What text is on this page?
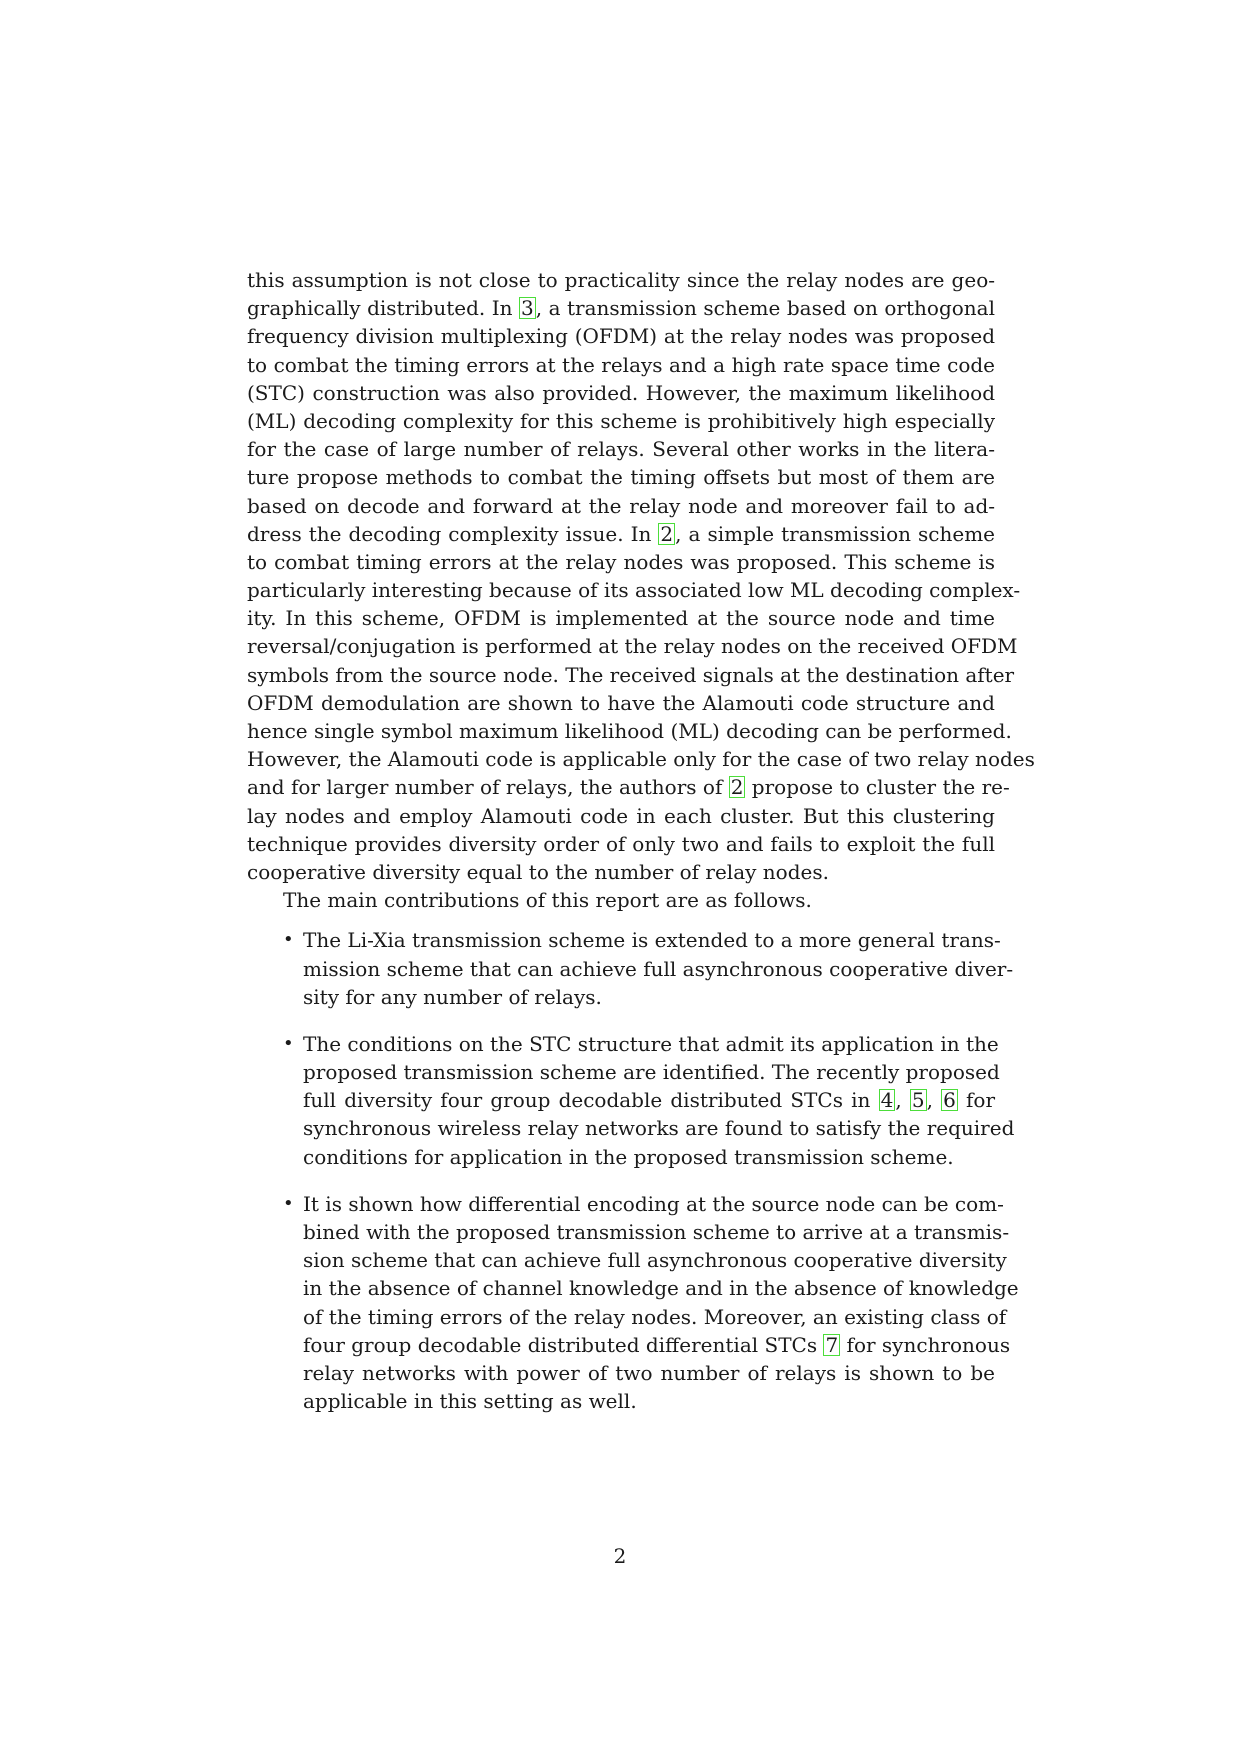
this assumption is not close to practicality since the relay nodes are geo-
graphically distributed. In 3 , a transmission scheme based on orthogonal
frequency division multiplexing (OFDM) at the relay nodes was proposed
to combat the timing errors at the relays and a high rate space time code
(STC) construction was also provided. However, the maximum likelihood
(ML) decoding complexity for this scheme is prohibitively high especially
for the case of large number of relays. Several other works in the litera-
ture propose methods to combat the timing offsets but most of them are
based on decode and forward at the relay node and moreover fail to ad-
dress the decoding complexity issue. In 2 , a simple transmission scheme
to combat timing errors at the relay nodes was proposed. This scheme is
particularly interesting because of its associated low ML decoding complex-
ity. In this scheme, OFDM is implemented at the source node and time
reversal/conjugation is performed at the relay nodes on the received OFDM
symbols from the source node. The received signals at the destination after
OFDM demodulation are shown to have the Alamouti code structure and
hence single symbol maximum likelihood (ML) decoding can be performed.
However, the Alamouti code is applicable only for the case of two relay nodes
and for larger number of relays, the authors of 2 propose to cluster the re-
lay nodes and employ Alamouti code in each cluster. But this clustering
technique provides diversity order of only two and fails to exploit the full
cooperative diversity equal to the number of relay nodes.
The main contributions of this report are as follows.
• The Li-Xia transmission scheme is extended to a more general trans-
mission scheme that can achieve full asynchronous cooperative diver-
sity for any number of relays.
• The conditions on the STC structure that admit its application in the
proposed transmission scheme are identified. The recently proposed
full diversity four group decodable distributed STCs in 4 , 5 , 6 for
synchronous wireless relay networks are found to satisfy the required
conditions for application in the proposed transmission scheme.
• It is shown how differential encoding at the source node can be com-
bined with the proposed transmission scheme to arrive at a transmis-
sion scheme that can achieve full asynchronous cooperative diversity
in the absence of channel knowledge and in the absence of knowledge
of the timing errors of the relay nodes. Moreover, an existing class of
four group decodable distributed differential STCs 7 for synchronous
relay networks with power of two number of relays is shown to be
applicable in this setting as well.
2
